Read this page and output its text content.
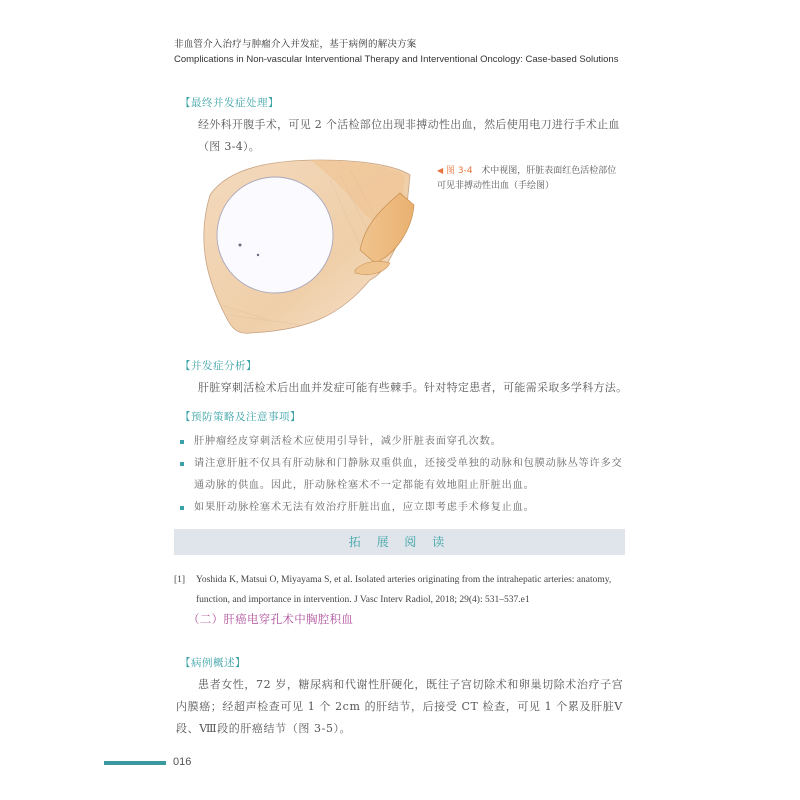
非血管介入治疗与肿瘤介入并发症，基于病例的解决方案
Complications in Non-vascular Interventional Therapy and Interventional Oncology: Case-based Solutions
【最终并发症处理】
经外科开腹手术，可见 2 个活检部位出现非搏动性出血，然后使用电刀进行手术止血（图 3-4）。
◀ 图 3-4 术中视图，肝脏表面红色活检部位可见非搏动性出血（手绘图）
【并发症分析】
肝脏穿刺活检术后出血并发症可能有些棘手。针对特定患者，可能需采取多学科方法。
【预防策略及注意事项】
肝肿瘤经皮穿刺活检术应使用引导针，减少肝脏表面穿孔次数。
请注意肝脏不仅具有肝动脉和门静脉双重供血，还接受单独的动脉和包膜动脉丛等许多交通动脉的供血。因此，肝动脉栓塞术不一定都能有效地阻止肝脏出血。
如果肝动脉栓塞术无法有效治疗肝脏出血，应立即考虑手术修复止血。
拓 展 阅 读
[1] Yoshida K, Matsui O, Miyayama S, et al. Isolated arteries originating from the intrahepatic arteries: anatomy, function, and importance in intervention. J Vasc Interv Radiol, 2018; 29(4): 531–537.e1
（二）肝癌电穿孔术中胸腔积血
【病例概述】
患者女性，72 岁，糖尿病和代谢性肝硬化，既往子宫切除术和卵巢切除术治疗子宫内膜癌；经超声检查可见 1 个 2cm 的肝结节，后接受 CT 检查，可见 1 个累及肝脏Ⅴ段、Ⅷ段的肝癌结节（图 3-5）。
016
